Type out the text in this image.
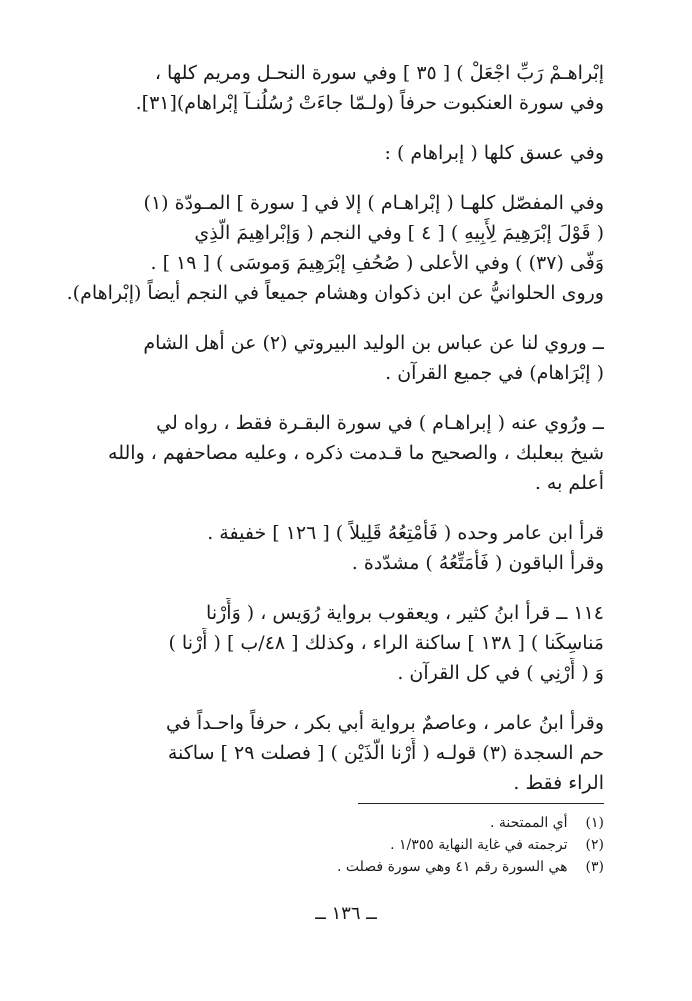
إبْراهـمْ رَبِّ اجْعَلْ ) [ ٣٥ ] وفي سورة النحـل ومريم كلها ،
وفي سورة العنكبوت حرفاً (ولـمّا جاءَتْ رُسُلُنـآ إبْراهام)[٣١].
وفي عسق كلها ( إبراهام ) :
وفي المفصّل كلهـا ( إبْراهـام ) إلا في [ سورة ] المـودّة (١)
( قَوْلَ إبْرَهِيمَ لِأَبِيهِ ) [ ٤ ] وفي النجم ( وَإبْراهِيمَ الّذِي
وَفّى (٣٧) ) وفي الأعلى ( صُحُفِ إبْرَهِيمَ وَموسَى ) [ ١٩ ] .
وروى الحلوانيُّ عن ابن ذكوان وهشام جميعاً في النجم أيضاً (إبْراهام).
ــ وروي لنا عن عباس بن الوليد البيروتي (٢) عن أهل الشام
( إبْرَاهام) في جميع القرآن .
ــ ورُوي عنه ( إبراهـام ) في سورة البقـرة فقط ، رواه لي
شيخ ببعلبك ، والصحيح ما قـدمت ذكره ، وعليه مصاحفهم ، والله
أعلم به .
قرأ ابن عامر وحده ( فَأُمْتِعُهُ قَلِيلاً ) [ ١٢٦ ] خفيفة .
وقرأ الباقون ( فَأُمَتِّعُهُ ) مشدّدة .
١١٤ ــ قرأ ابنُ كثير ، ويعقوب برواية رُوَيس ، ( وَأَرْنا
مَناسِكَنا ) [ ١٣٨ ] ساكنة الراء ، وكذلك [ ٤٨/ب ] ( أَرْنا )
وَ ( أَرْنِي ) في كل القرآن .
وقرأ ابنُ عامر ، وعاصمٌ برواية أبي بكر ، حرفاً واحـداً في
حم السجدة (٣) قولـه ( أَرْنا الّذَيْن ) [ فصلت ٢٩ ] ساكنة
الراء فقط .
(١) أي الممتحنة .
(٢) ترجمته في غاية النهاية ١/٣٥٥ .
(٣) هي السورة رقم ٤١ وهي سورة فصلت .
ــ ١٣٦ ــ
